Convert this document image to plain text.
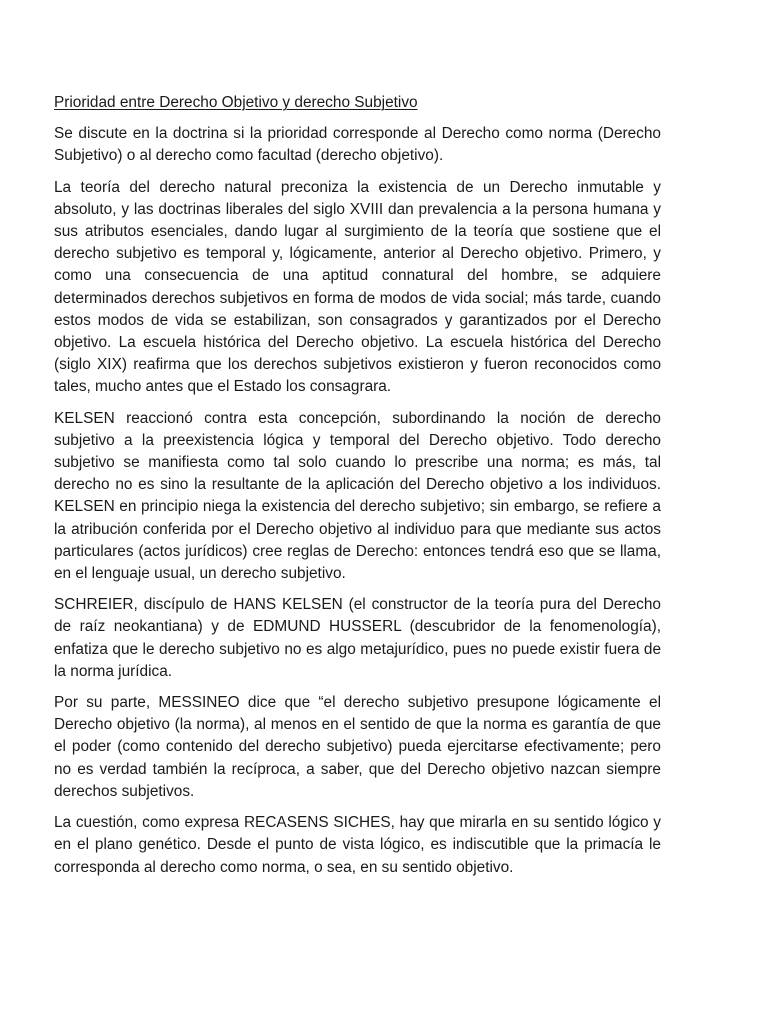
Prioridad entre Derecho Objetivo y derecho Subjetivo

Se discute en la doctrina si la prioridad corresponde al Derecho como norma (Derecho Subjetivo) o al derecho como facultad (derecho objetivo).

La teoría del derecho natural preconiza la existencia de un Derecho inmutable y absoluto, y las doctrinas liberales del siglo XVIII dan prevalencia a la persona humana y sus atributos esenciales, dando lugar al surgimiento de la teoría que sostiene que el derecho subjetivo es temporal y, lógicamente, anterior al Derecho objetivo. Primero, y como una consecuencia de una aptitud connatural del hombre, se adquiere determinados derechos subjetivos en forma de modos de vida social; más tarde, cuando estos modos de vida se estabilizan, son consagrados y garantizados por el Derecho objetivo. La escuela histórica del Derecho objetivo. La escuela histórica del Derecho (siglo XIX) reafirma que los derechos subjetivos existieron y fueron reconocidos como tales, mucho antes que el Estado los consagrara.

KELSEN reaccionó contra esta concepción, subordinando la noción de derecho subjetivo a la preexistencia lógica y temporal del Derecho objetivo. Todo derecho subjetivo se manifiesta como tal solo cuando lo prescribe una norma; es más, tal derecho no es sino la resultante de la aplicación del Derecho objetivo a los individuos. KELSEN en principio niega la existencia del derecho subjetivo; sin embargo, se refiere a la atribución conferida por el Derecho objetivo al individuo para que mediante sus actos particulares (actos jurídicos) cree reglas de Derecho: entonces tendrá eso que se llama, en el lenguaje usual, un derecho subjetivo.

SCHREIER, discípulo de HANS KELSEN (el constructor de la teoría pura del Derecho de raíz neokantiana) y de EDMUND HUSSERL (descubridor de la fenomenología), enfatiza que le derecho subjetivo no es algo metajurídico, pues no puede existir fuera de la norma jurídica.

Por su parte, MESSINEO dice que “el derecho subjetivo presupone lógicamente el Derecho objetivo (la norma), al menos en el sentido de que la norma es garantía de que el poder (como contenido del derecho subjetivo) pueda ejercitarse efectivamente; pero no es verdad también la recíproca, a saber, que del Derecho objetivo nazcan siempre derechos subjetivos.

La cuestión, como expresa RECASENS SICHES, hay que mirarla en su sentido lógico y en el plano genético. Desde el punto de vista lógico, es indiscutible que la primacía le corresponda al derecho como norma, o sea, en su sentido objetivo.
